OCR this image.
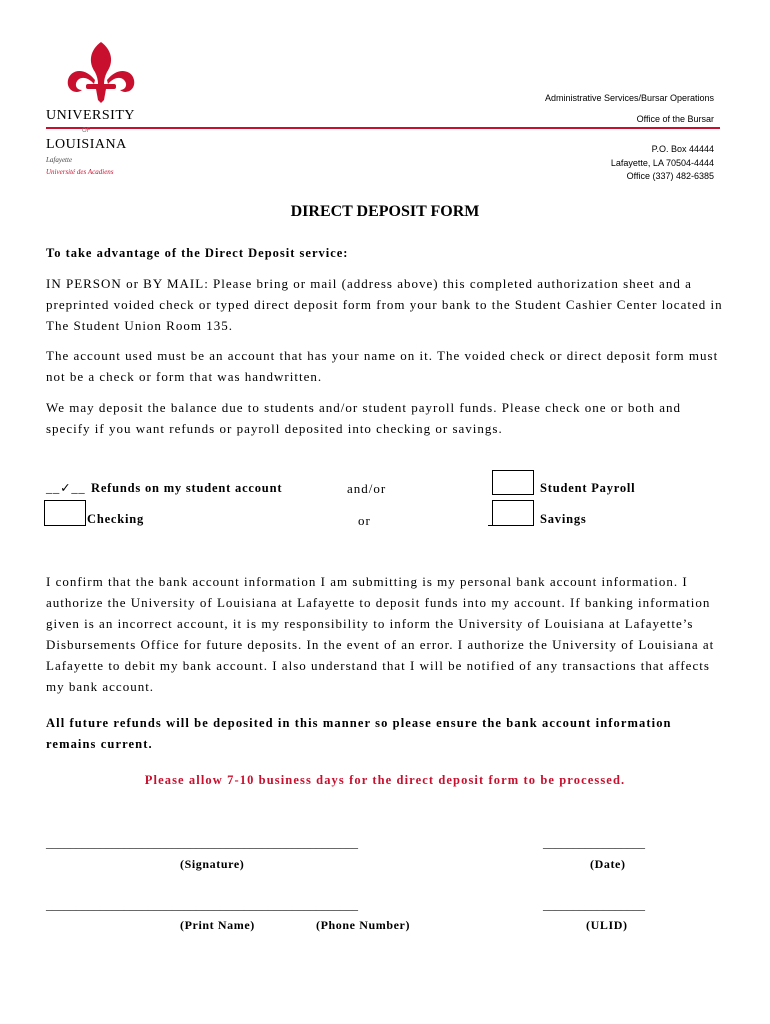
UNIVERSITY
OF
LOUISIANA
Lafayette
Université des Acadiens
Administrative Services/Bursar Operations
Office of the Bursar
P.O. Box 44444
Lafayette, LA 70504-4444
Office (337) 482-6385
DIRECT DEPOSIT FORM
To take advantage of the Direct Deposit service:
IN PERSON or BY MAIL: Please bring or mail (address above) this completed authorization sheet and a preprinted voided check or typed direct deposit form from your bank to the Student Cashier Center located in The Student Union Room 135.
The account used must be an account that has your name on it. The voided check or direct deposit form must not be a check or form that was handwritten.
We may deposit the balance due to students and/or student payroll funds. Please check one or both and specify if you want refunds or payroll deposited into checking or savings.
__✓__ Refunds on my student account	and/or	Student Payroll
Checking	or	Savings
I confirm that the bank account information I am submitting is my personal bank account information. I authorize the University of Louisiana at Lafayette to deposit funds into my account. If banking information given is an incorrect account, it is my responsibility to inform the University of Louisiana at Lafayette’s Disbursements Office for future deposits. In the event of an error. I authorize the University of Louisiana at Lafayette to debit my bank account. I also understand that I will be notified of any transactions that affects my bank account.
All future refunds will be deposited in this manner so please ensure the bank account information remains current.
Please allow 7-10 business days for the direct deposit form to be processed.
____________________________________________________	_________________
(Signature)	(Date)
____________________________________________________	_________________
(Print Name)	(Phone Number)	(ULID)
